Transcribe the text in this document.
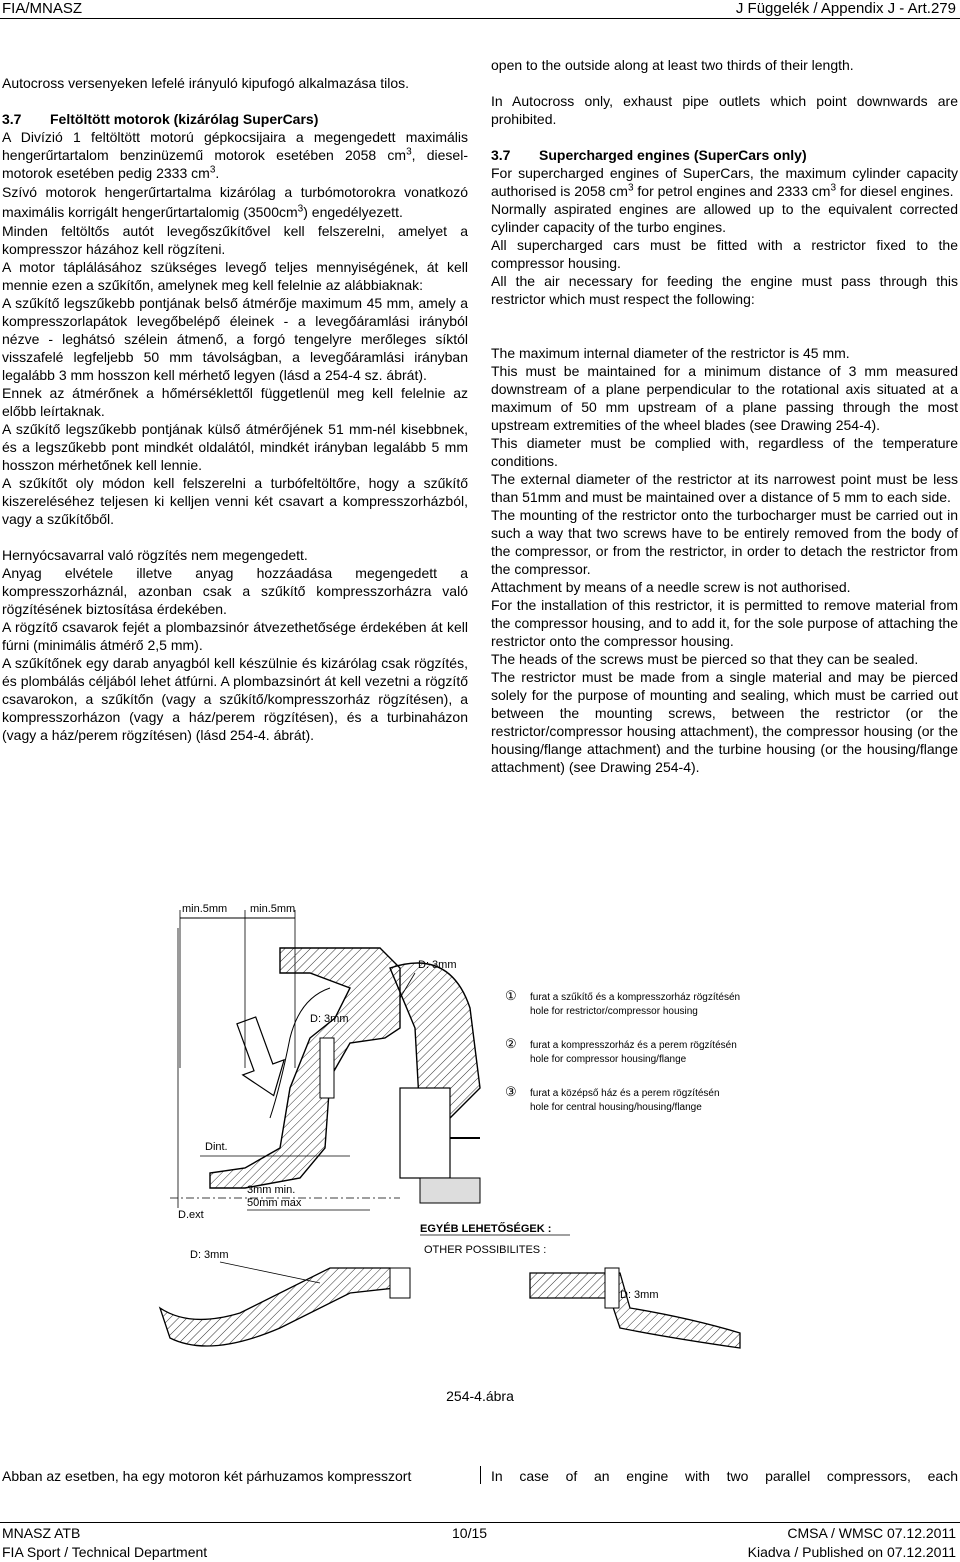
FIA/MNASZ	J Függelék / Appendix J - Art.279

Autocross versenyeken lefelé irányuló kipufogó alkalmazása tilos.

3.7 Feltöltött motorok (kizárólag SuperCars)

A Divízió 1 feltöltött motorú gépkocsijaira a megengedett maximális hengerűrtartalom benzinüzemű motorok esetében 2058 $cm^3$, diesel-motorok esetében pedig 2333 $cm^3$.

Szívó motorok hengerűrtartalma kizárólag a turbómotorokra vonatkozó maximális korrigált hengerűrtartalomig $(3500cm^3)$ engedélyezett.

Minden feltöltős autót levegőszűkítővel kell felszerelni, amelyet a kompresszor házához kell rögzíteni.

A motor táplálásához szükséges levegő teljes mennyiségének, át kell mennie ezen a szűkítőn, amelynek meg kell felelnie az alábbiaknak:

A szűkítő legszűkebb pontjának belső átmérője maximum 45 mm, amely a kompresszorlapátok levegőbelépő éleinek - a levegőáramlási irányból nézve - leghátsó szélein átmenő, a forgó tengelyre merőleges síktól visszafelé legfeljebb 50 mm távolságban, a levegőáramlási irányban legalább 3 mm hosszon kell mérhető legyen (lásd a 254-4 sz. ábrát).

Ennek az átmérőnek a hőmérséklettől függetlenül meg kell felelnie az előbb leírtaknak.

A szűkítő legszűkebb pontjának külső átmérőjének 51 mm-nél kisebbnek, és a legszűkebb pont mindkét oldalától, mindkét irányban legalább 5 mm hosszon mérhetőnek kell lennie.

A szűkítőt oly módon kell felszerelni a turbófeltöltőre, hogy a szűkítő kiszereléséhez teljesen ki kelljen venni két csavart a kompresszorházból, vagy a szűkítőből.

Hernyócsavarral való rögzítés nem megengedett.

Anyag elvétele illetve anyag hozzáadása megengedett a kompresszorháznál, azonban csak a szűkítő kompresszorházra való rögzítésének biztosítása érdekében.

A rögzítő csavarok fejét a plombazsinór átvezethetősége érdekében át kell fúrni (minimális átmérő 2,5 mm).

A szűkítőnek egy darab anyagból kell készülnie és kizárólag csak rögzítés, és plombálás céljából lehet átfúrni. A plombazsinórt át kell vezetni a rögzítő csavarokon, a szűkítőn (vagy a szűkítő/kompresszorház rögzítésen), a kompresszorházon (vagy a ház/perem rögzítésen), és a turbinaházon (vagy a ház/perem rögzítésen) (lásd 254-4. ábrát).

open to the outside along at least two thirds of their length.

In Autocross only, exhaust pipe outlets which point downwards are prohibited.

3.7 Supercharged engines (SuperCars only)

For supercharged engines of SuperCars, the maximum cylinder capacity authorised is 2058 $cm^3$ for petrol engines and 2333 $cm^3$ for diesel engines.

Normally aspirated engines are allowed up to the equivalent corrected cylinder capacity of the turbo engines.

All supercharged cars must be fitted with a restrictor fixed to the compressor housing.

All the air necessary for feeding the engine must pass through this restrictor which must respect the following:

The maximum internal diameter of the restrictor is 45 mm.

This must be maintained for a minimum distance of 3 mm measured downstream of a plane perpendicular to the rotational axis situated at a maximum of 50 mm upstream of a plane passing through the most upstream extremities of the wheel blades (see Drawing 254-4).

This diameter must be complied with, regardless of the temperature conditions.

The external diameter of the restrictor at its narrowest point must be less than 51mm and must be maintained over a distance of 5 mm to each side.

The mounting of the restrictor onto the turbocharger must be carried out in such a way that two screws have to be entirely removed from the body of the compressor, or from the restrictor, in order to detach the restrictor from the compressor.

Attachment by means of a needle screw is not authorised.

For the installation of this restrictor, it is permitted to remove material from the compressor housing, and to add it, for the sole purpose of attaching the restrictor onto the compressor housing.

The heads of the screws must be pierced so that they can be sealed.

The restrictor must be made from a single material and may be pierced solely for the purpose of mounting and sealing, which must be carried out between the mounting screws, between the restrictor (or the restrictor/compressor housing attachment), the compressor housing (or the housing/flange attachment) and the turbine housing (or the housing/flange attachment) (see Drawing 254-4).

min.5mm min.5mm
D: 3mm
D: 3mm
Dint.
3mm min.
50mm max
D.ext
① furat a szűkítő és a kompresszorház rögzítésén
hole for restrictor/compressor housing
② furat a kompresszorház és a perem rögzítésén
hole for compressor housing/flange
③ furat a középső ház és a perem rögzítésén
hole for central housing/housing/flange
EGYÉB LEHETŐSÉGEK :
OTHER POSSIBILITES :
D: 3mm
D: 3mm
254-4.ábra
Abban az esetben, ha egy motoron két párhuzamos kompresszort	In case of an engine with two parallel compressors, each
MNASZ ATB	10/15	CMSA / WMSC 07.12.2011
FIA Sport / Technical Department	Kiadva / Published on 07.12.2011
